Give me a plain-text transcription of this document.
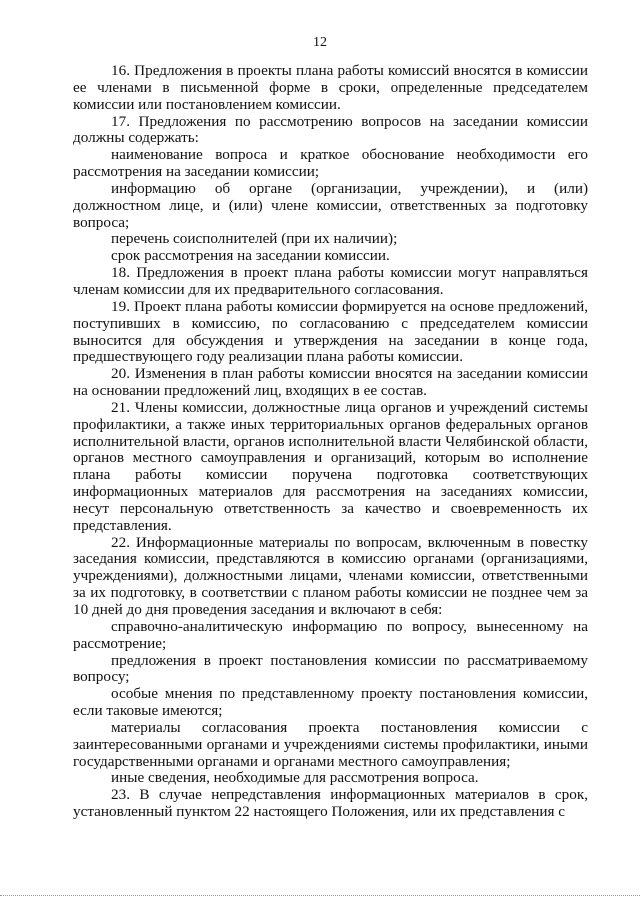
12

16. Предложения в проекты плана работы комиссий вносятся в комиссии ее членами в письменной форме в сроки, определенные председателем комиссии или постановлением комиссии.

17. Предложения по рассмотрению вопросов на заседании комиссии должны содержать:

наименование вопроса и краткое обоснование необходимости его рассмотрения на заседании комиссии;

информацию об органе (организации, учреждении), и (или) должностном лице, и (или) члене комиссии, ответственных за подготовку вопроса;

перечень соисполнителей (при их наличии);

срок рассмотрения на заседании комиссии.

18. Предложения в проект плана работы комиссии могут направляться членам комиссии для их предварительного согласования.

19. Проект плана работы комиссии формируется на основе предложений, поступивших в комиссию, по согласованию с председателем комиссии выносится для обсуждения и утверждения на заседании в конце года, предшествующего году реализации плана работы комиссии.

20. Изменения в план работы комиссии вносятся на заседании комиссии на основании предложений лиц, входящих в ее состав.

21. Члены комиссии, должностные лица органов и учреждений системы профилактики, а также иных территориальных органов федеральных органов исполнительной власти, органов исполнительной власти Челябинской области, органов местного самоуправления и организаций, которым во исполнение плана работы комиссии поручена подготовка соответствующих информационных материалов для рассмотрения на заседаниях комиссии, несут персональную ответственность за качество и своевременность их представления.

22. Информационные материалы по вопросам, включенным в повестку заседания комиссии, представляются в комиссию органами (организациями, учреждениями), должностными лицами, членами комиссии, ответственными за их подготовку, в соответствии с планом работы комиссии не позднее чем за 10 дней до дня проведения заседания и включают в себя:

справочно-аналитическую информацию по вопросу, вынесенному на рассмотрение;

предложения в проект постановления комиссии по рассматриваемому вопросу;

особые мнения по представленному проекту постановления комиссии, если таковые имеются;

материалы согласования проекта постановления комиссии с заинтересованными органами и учреждениями системы профилактики, иными государственными органами и органами местного самоуправления;

иные сведения, необходимые для рассмотрения вопроса.

23. В случае непредставления информационных материалов в срок, установленный пунктом 22 настоящего Положения, или их представления с
